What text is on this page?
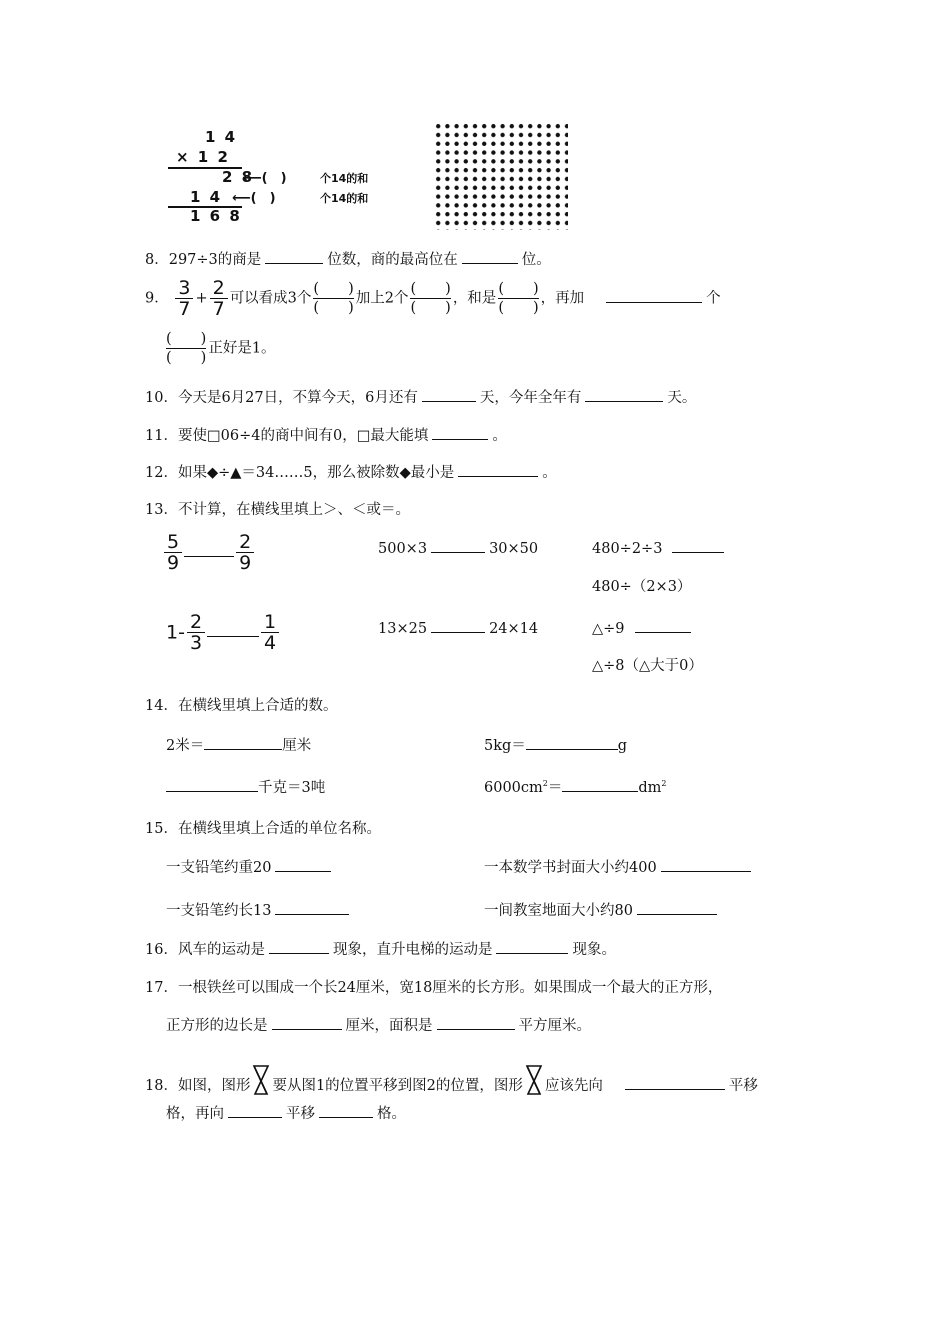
1 4
× 1 2
2 8
⟵(　)	个14的和
1 4 ⟵(　)	个14的和
1 6 8
8．297÷3的商是	位数，商的最高位在	位。
9． $\frac{3}{7} + \frac{2}{7}$ 可以看成3个
(　　)
(　　)
加上2个
(　　)
(　　)
，和是
(　　)
(　　)
，再加	个
(　　)
(　　)
正好是1。
10．今天是6月27日，不算今天，6月还有	天，今年全年有	天。
11．要使□06÷4的商中间有0，□最大能填	。
12．如果◆÷▲＝34……5，那么被除数◆最小是	。
13．不计算，在横线里填上＞、＜或＝。
$\frac{5}{9}$	$\frac{2}{9}$	500×3	30×50	480÷2÷3
480÷（2×3）
$1- \frac{2}{3}$	$\frac{1}{4}$	13×25	24×14	△÷9
△÷8（△大于0）
14．在横线里填上合适的数。
2米＝	厘米	5kg＝	g
千克＝3吨	$6000cm^2=$	$dm^2$
15．在横线里填上合适的单位名称。
一支铅笔约重20	一本数学书封面大小约400
一支铅笔约长13	一间教室地面大小约80
16．风车的运动是	现象，直升电梯的运动是	现象。
17．一根铁丝可以围成一个长24厘米，宽18厘米的长方形。如果围成一个最大的正方形，
正方形的边长是	厘米，面积是	平方厘米。
18．如图，图形 要从图1的位置平移到图2的位置，图形 应该先向	平移
格，再向	平移	格。
